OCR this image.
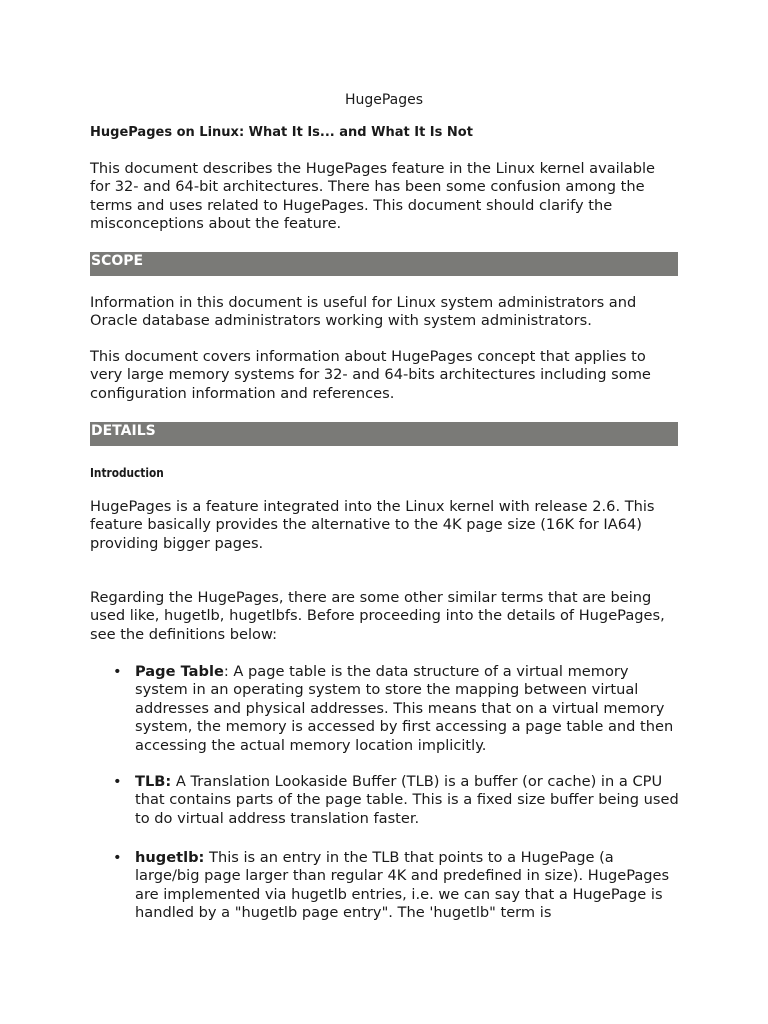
HugePages
HugePages on Linux: What It Is... and What It Is Not

This document describes the HugePages feature in the Linux kernel available for 32- and 64-bit architectures. There has been some confusion among the terms and uses related to HugePages. This document should clarify the misconceptions about the feature.

SCOPE

Information in this document is useful for Linux system administrators and Oracle database administrators working with system administrators.

This document covers information about HugePages concept that applies to very large memory systems for 32- and 64-bits architectures including some configuration information and references.

DETAILS
Introduction

HugePages is a feature integrated into the Linux kernel with release 2.6. This feature basically provides the alternative to the 4K page size (16K for IA64) providing bigger pages.

Regarding the HugePages, there are some other similar terms that are being used like, hugetlb, hugetlbfs. Before proceeding into the details of HugePages, see the definitions below:

• Page Table: A page table is the data structure of a virtual memory system in an operating system to store the mapping between virtual addresses and physical addresses. This means that on a virtual memory system, the memory is accessed by first accessing a page table and then accessing the actual memory location implicitly.

• TLB: A Translation Lookaside Buffer (TLB) is a buffer (or cache) in a CPU that contains parts of the page table. This is a fixed size buffer being used to do virtual address translation faster.

• hugetlb: This is an entry in the TLB that points to a HugePage (a large/big page larger than regular 4K and predefined in size). HugePages are implemented via hugetlb entries, i.e. we can say that a HugePage is handled by a "hugetlb page entry". The 'hugetlb" term is
